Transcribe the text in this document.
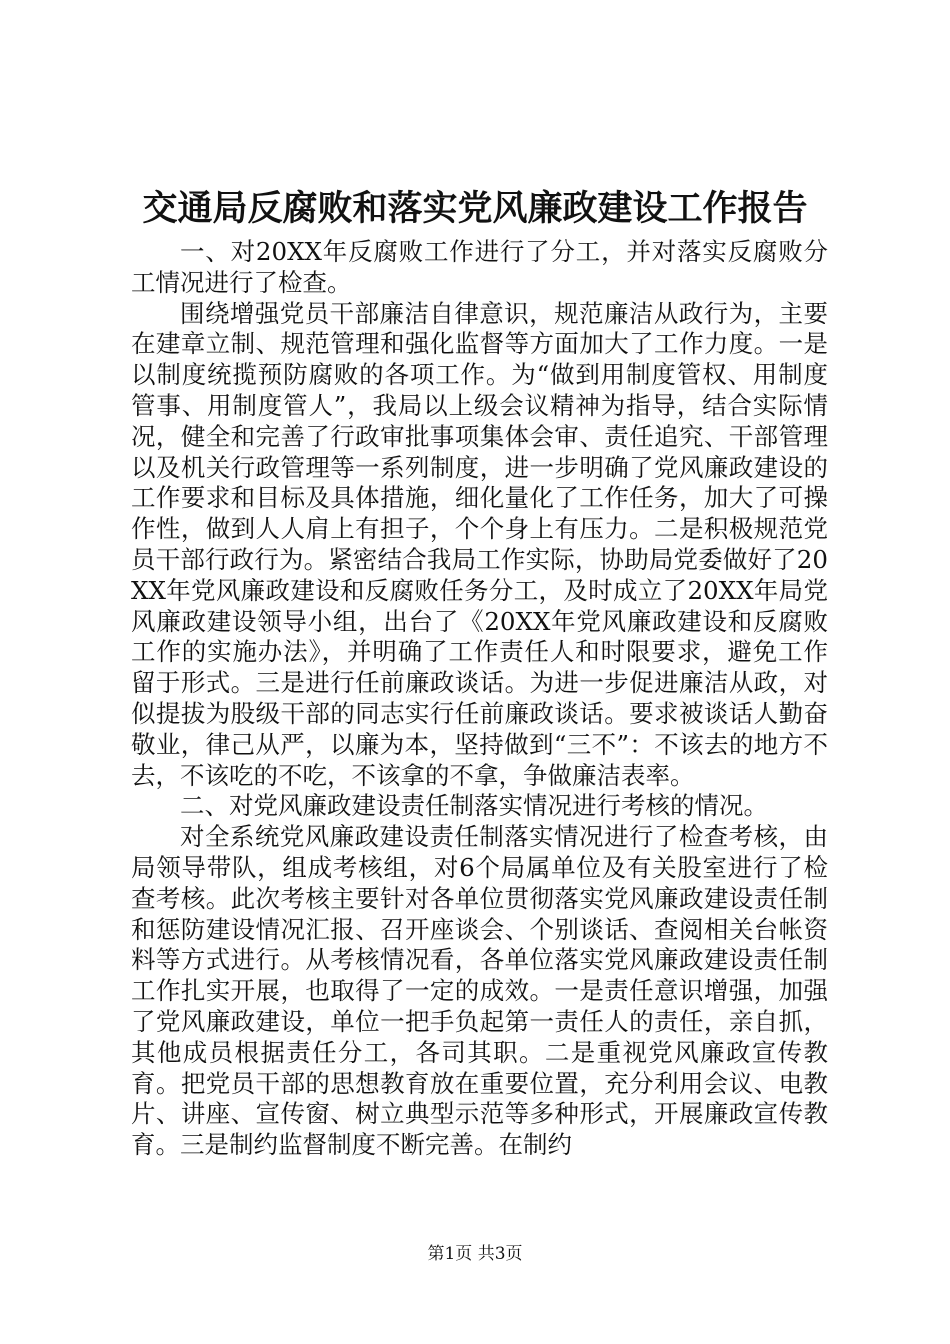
交通局反腐败和落实党风廉政建设工作报告

一、对20XX年反腐败工作进行了分工，并对落实反腐败分工情况进行了检查。

围绕增强党员干部廉洁自律意识，规范廉洁从政行为，主要在建章立制、规范管理和强化监督等方面加大了工作力度。一是以制度统揽预防腐败的各项工作。为“做到用制度管权、用制度管事、用制度管人”，我局以上级会议精神为指导，结合实际情况，健全和完善了行政审批事项集体会审、责任追究、干部管理以及机关行政管理等一系列制度，进一步明确了党风廉政建设的工作要求和目标及具体措施，细化量化了工作任务，加大了可操作性，做到人人肩上有担子，个个身上有压力。二是积极规范党员干部行政行为。紧密结合我局工作实际，协助局党委做好了20XX年党风廉政建设和反腐败任务分工，及时成立了20XX年局党风廉政建设领导小组，出台了《20XX年党风廉政建设和反腐败工作的实施办法》，并明确了工作责任人和时限要求，避免工作留于形式。三是进行任前廉政谈话。为进一步促进廉洁从政，对似提拔为股级干部的同志实行任前廉政谈话。要求被谈话人勤奋敬业，律己从严，以廉为本，坚持做到“三不”：不该去的地方不去，不该吃的不吃，不该拿的不拿，争做廉洁表率。

二、对党风廉政建设责任制落实情况进行考核的情况。

对全系统党风廉政建设责任制落实情况进行了检查考核，由局领导带队，组成考核组，对6个局属单位及有关股室进行了检查考核。此次考核主要针对各单位贯彻落实党风廉政建设责任制和惩防建设情况汇报、召开座谈会、个别谈话、查阅相关台帐资料等方式进行。从考核情况看，各单位落实党风廉政建设责任制工作扎实开展，也取得了一定的成效。一是责任意识增强，加强了党风廉政建设，单位一把手负起第一责任人的责任，亲自抓，其他成员根据责任分工，各司其职。二是重视党风廉政宣传教育。把党员干部的思想教育放在重要位置，充分利用会议、电教片、讲座、宣传窗、树立典型示范等多种形式，开展廉政宣传教育。三是制约监督制度不断完善。在制约

第1页 共3页
